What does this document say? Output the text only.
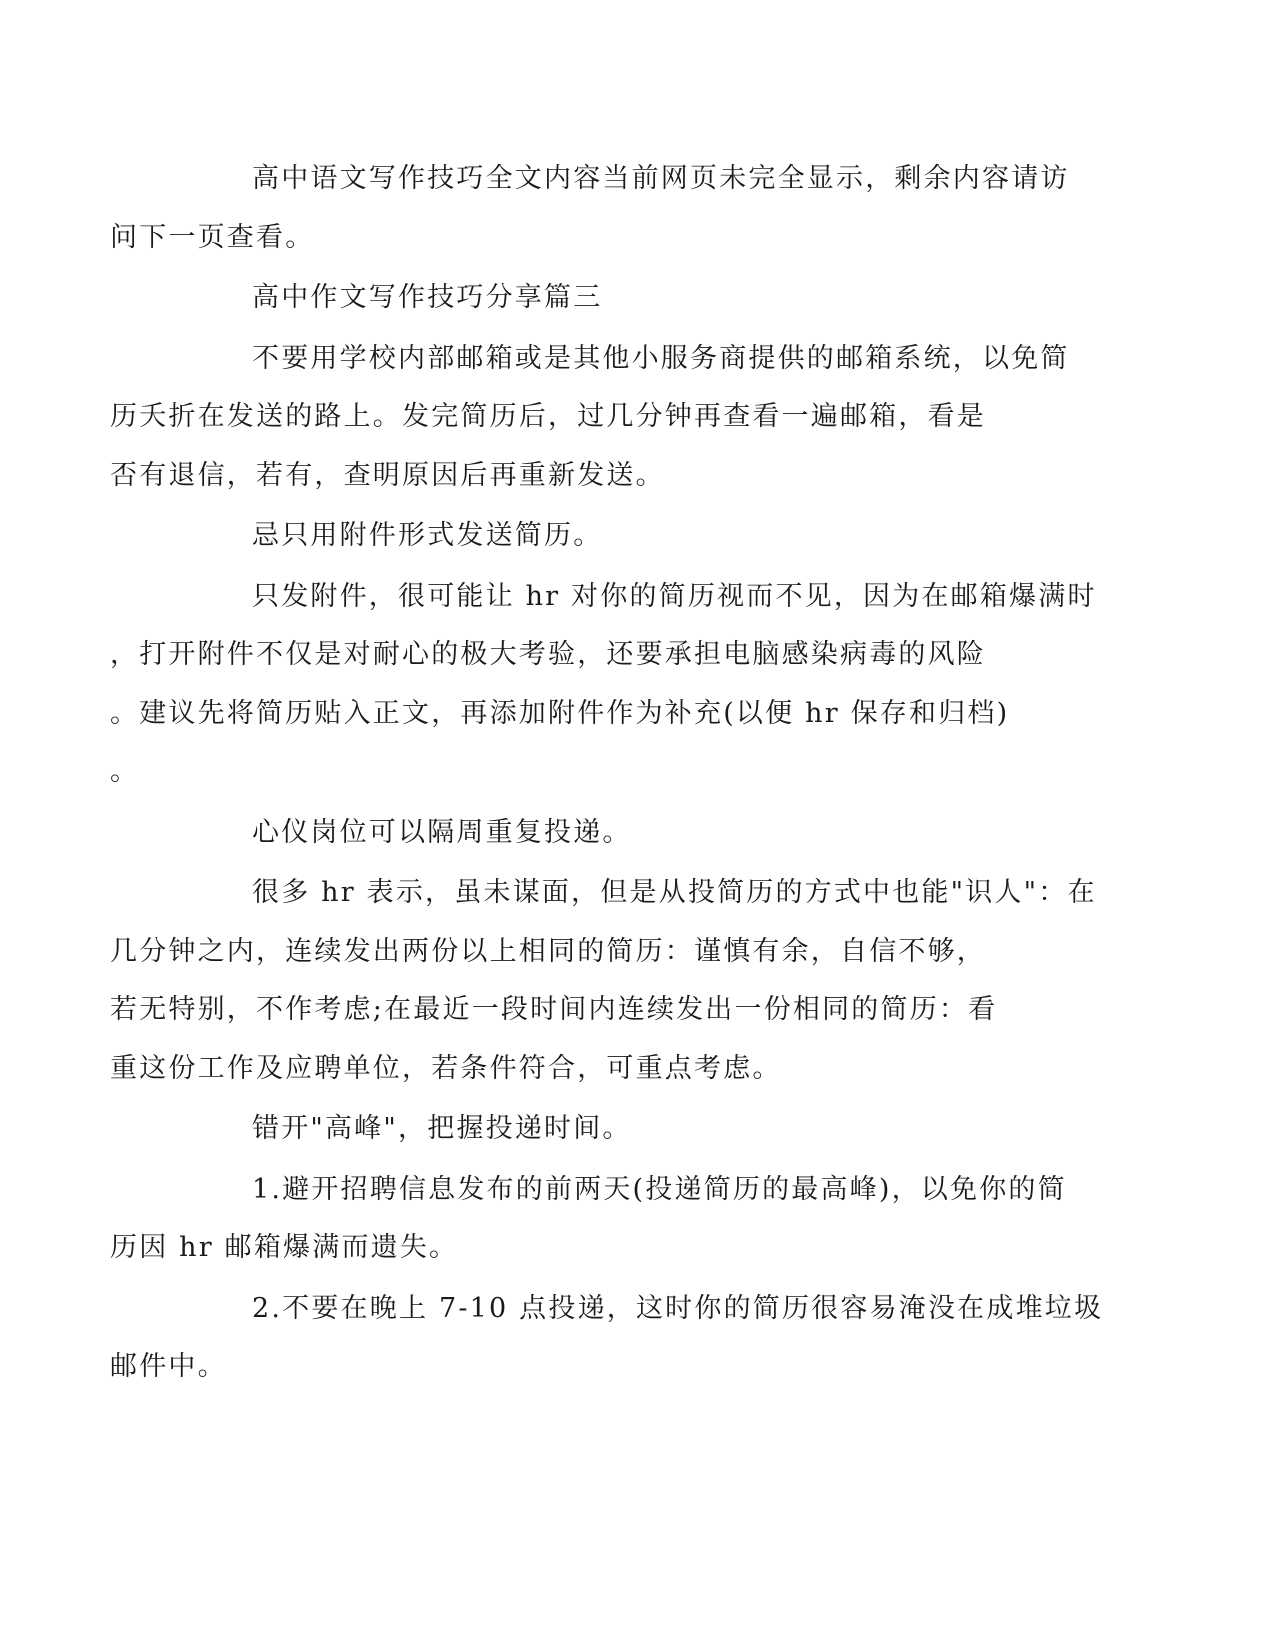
高中语文写作技巧全文内容当前网页未完全显示，剩余内容请访
问下一页查看。

高中作文写作技巧分享篇三

不要用学校内部邮箱或是其他小服务商提供的邮箱系统，以免简
历夭折在发送的路上。发完简历后，过几分钟再查看一遍邮箱，看是
否有退信，若有，查明原因后再重新发送。

忌只用附件形式发送简历。

只发附件，很可能让 hr 对你的简历视而不见，因为在邮箱爆满时
，打开附件不仅是对耐心的极大考验，还要承担电脑感染病毒的风险
。建议先将简历贴入正文，再添加附件作为补充(以便 hr 保存和归档)
。

心仪岗位可以隔周重复投递。

很多 hr 表示，虽未谋面，但是从投简历的方式中也能"识人"：在
几分钟之内，连续发出两份以上相同的简历：谨慎有余，自信不够，
若无特别，不作考虑;在最近一段时间内连续发出一份相同的简历：看
重这份工作及应聘单位，若条件符合，可重点考虑。

错开"高峰"，把握投递时间。

1.避开招聘信息发布的前两天(投递简历的最高峰)，以免你的简
历因 hr 邮箱爆满而遗失。

2.不要在晚上 7-10 点投递，这时你的简历很容易淹没在成堆垃圾
邮件中。
